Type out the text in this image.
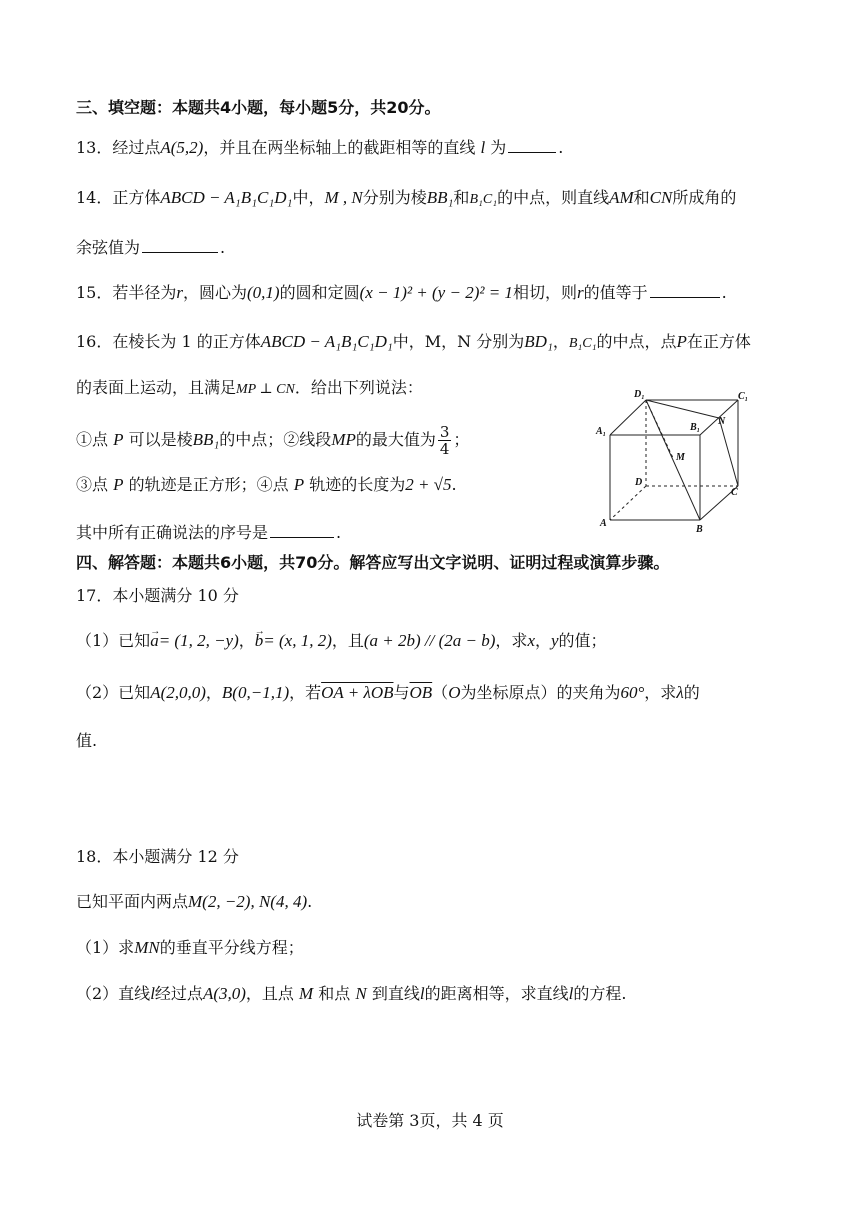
三、填空题：本题共4小题，每小题5分，共20分。
13．经过点A(5,2)，并且在两坐标轴上的截距相等的直线 l 为	.
14．正方体ABCD − A₁B₁C₁D₁中，M , N分别为棱BB₁和B₁C₁的中点，则直线AM和CN所成角的
余弦值为	.
15．若半径为r，圆心为(0,1)的圆和定圆(x − 1)² + (y − 2)² = 1相切，则r的值等于	.
16．在棱长为 1 的正方体ABCD − A₁B₁C₁D₁中，M，N 分别为BD₁，B₁C₁的中点，点P在正方体
的表面上运动，且满足MP ⊥ CN．给出下列说法：
①点 P 可以是棱BB₁的中点；②线段MP的最大值为 $\frac{3}{4}$ ；
③点 P 的轨迹是正方形；④点 P 轨迹的长度为2 + √5.
其中所有正确说法的序号是	.
D₁	C₁
A₁	B₁
N
M
D
C
A
B
四、解答题：本题共6小题，共70分。解答应写出文字说明、证明过程或演算步骤。
17．本小题满分 10 分
（1）已知→ a= (1, 2, −y)，→ b= (x, 1, 2)，且(a + 2b) // (2a − b)，求x，y的值；
（2）已知A(2,0,0)，B(0,−1,1)，若OA + λOB与$\overline{OB}(O$为坐标原点）的夹角为60°，求λ的
值.
18．本小题满分 12 分
已知平面内两点M(2, −2), N(4, 4).
（1）求MN的垂直平分线方程；
（2）直线l经过点A(3,0)，且点 M 和点 N 到直线l的距离相等，求直线l的方程.
试卷第 3页，共 4 页
